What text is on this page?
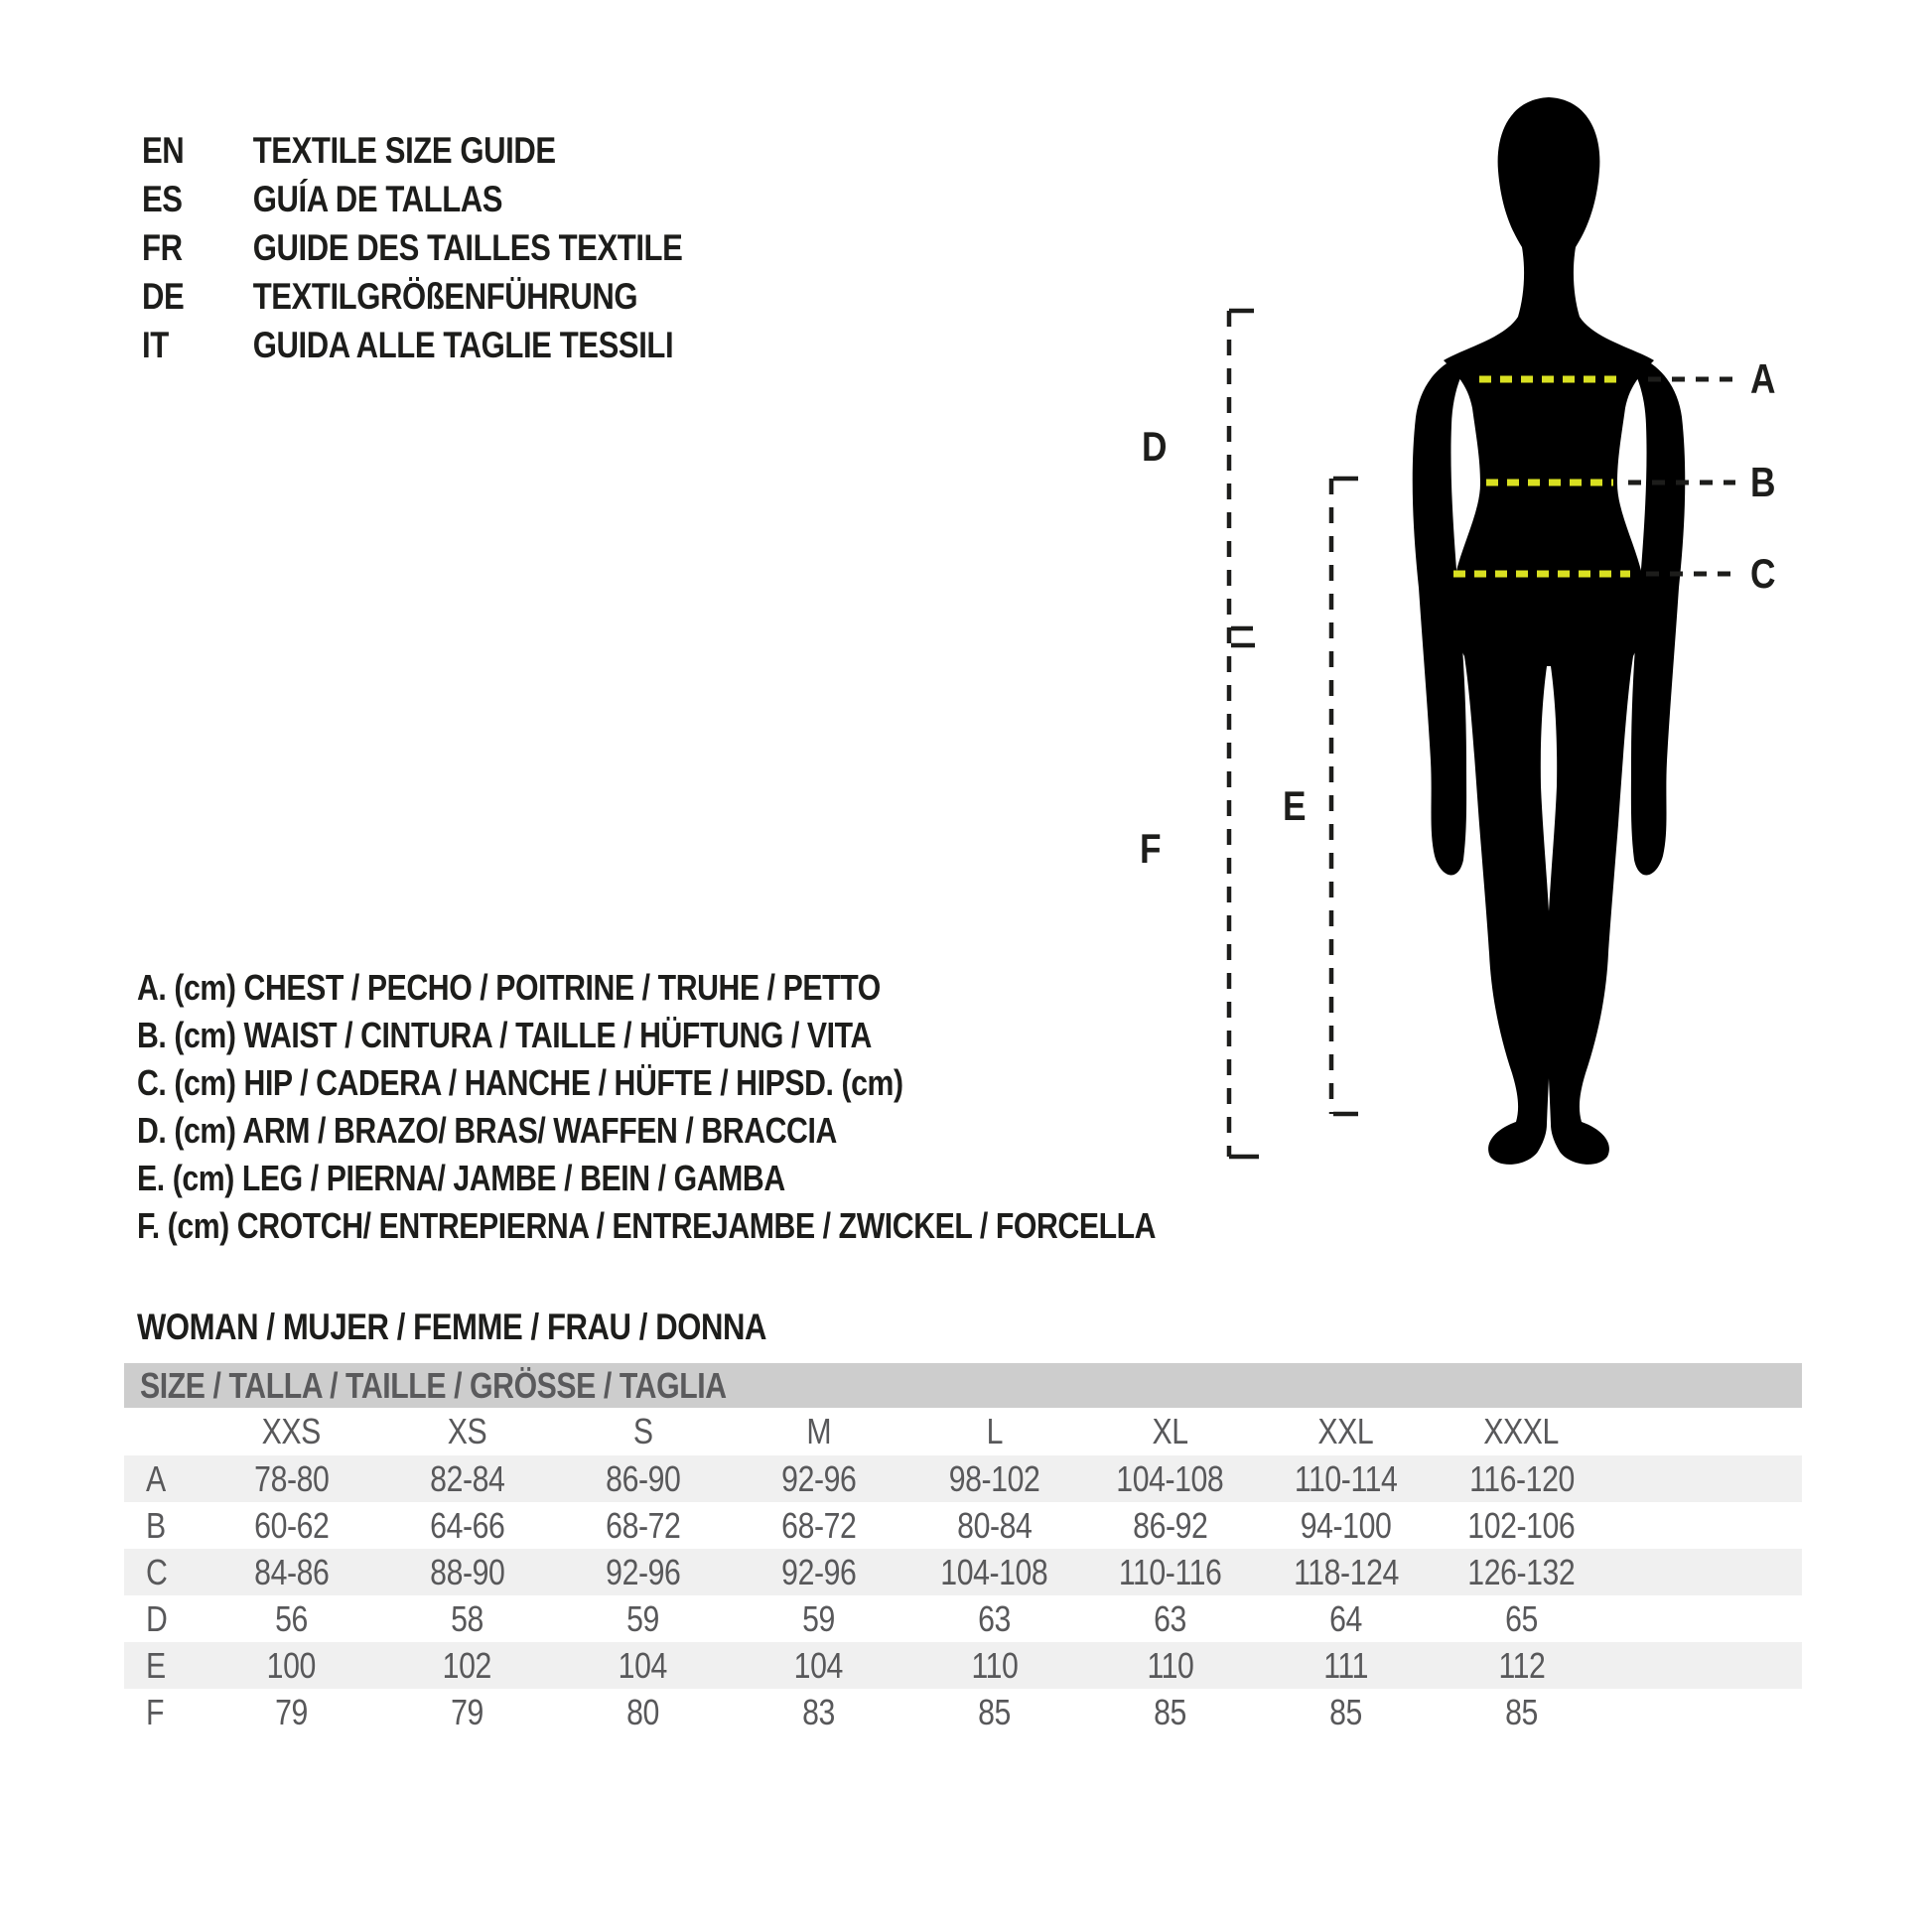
EN	TEXTILE SIZE GUIDE
ES	GUÍA DE TALLAS
FR	GUIDE DES TAILLES TEXTILE
DE	TEXTILGRÖßENFÜHRUNG
IT	GUIDA ALLE TAGLIE TESSILI
A
B
C
D
E
F
A. (cm) CHEST / PECHO / POITRINE / TRUHE / PETTO
B. (cm) WAIST / CINTURA / TAILLE / HÜFTUNG / VITA
C. (cm) HIP / CADERA / HANCHE / HÜFTE / HIPSD. (cm)
D. (cm) ARM / BRAZO/ BRAS/ WAFFEN / BRACCIA
E. (cm) LEG / PIERNA/ JAMBE / BEIN / GAMBA
F. (cm) CROTCH/ ENTREPIERNA / ENTREJAMBE / ZWICKEL / FORCELLA
WOMAN / MUJER / FEMME / FRAU / DONNA
SIZE / TALLA / TAILLE / GRÖSSE / TAGLIA
XXS	XS	S	M	L	XL	XXL	XXXL
A	78-80	82-84	86-90	92-96	98-102 104-108 110-114 116-120
B	60-62	64-66	68-72	68-72	80-84	86-92	94-100 102-106
C	84-86	88-90	92-96	92-96 104-108 110-116 118-124 126-132
D	56	58	59	59	63	63	64	65
E	100	102	104	104	110	110	111	112
F	79	79	80	83	85	85	85	85
